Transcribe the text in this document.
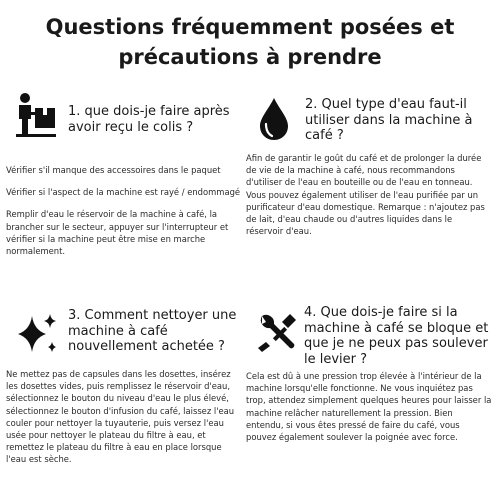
Questions fréquemment posées et
précautions à prendre
1. que dois-je faire après
avoir reçu le colis ?

Vérifier s'il manque des accessoires dans le paquet

Vérifier si l'aspect de la machine est rayé / endommagé

Remplir d'eau le réservoir de la machine à café, la brancher sur le secteur, appuyer sur l'interrupteur et vérifier si la machine peut être mise en marche normalement.

2. Quel type d'eau faut-il
utiliser dans la machine à
café ?

Afin de garantir le goût du café et de prolonger la durée de vie de la machine à café, nous recommandons d'utiliser de l'eau en bouteille ou de l'eau en tonneau. Vous pouvez également utiliser de l'eau purifiée par un purificateur d'eau domestique. Remarque : n'ajoutez pas de lait, d'eau chaude ou d'autres liquides dans le réservoir d'eau.

3. Comment nettoyer une
machine à café
nouvellement achetée ?

Ne mettez pas de capsules dans les dosettes, insérez les dosettes vides, puis remplissez le réservoir d'eau, sélectionnez le bouton du niveau d'eau le plus élevé, sélectionnez le bouton d'infusion du café, laissez l'eau couler pour nettoyer la tuyauterie, puis versez l'eau usée pour nettoyer le plateau du filtre à eau, et remettez le plateau du filtre à eau en place lorsque l'eau est sèche.

4. Que dois-je faire si la
machine à café se bloque et
que je ne peux pas soulever
le levier ?

Cela est dû à une pression trop élevée à l'intérieur de la machine lorsqu'elle fonctionne. Ne vous inquiétez pas trop, attendez simplement quelques heures pour laisser la machine relâcher naturellement la pression. Bien entendu, si vous êtes pressé de faire du café, vous pouvez également soulever la poignée avec force.
